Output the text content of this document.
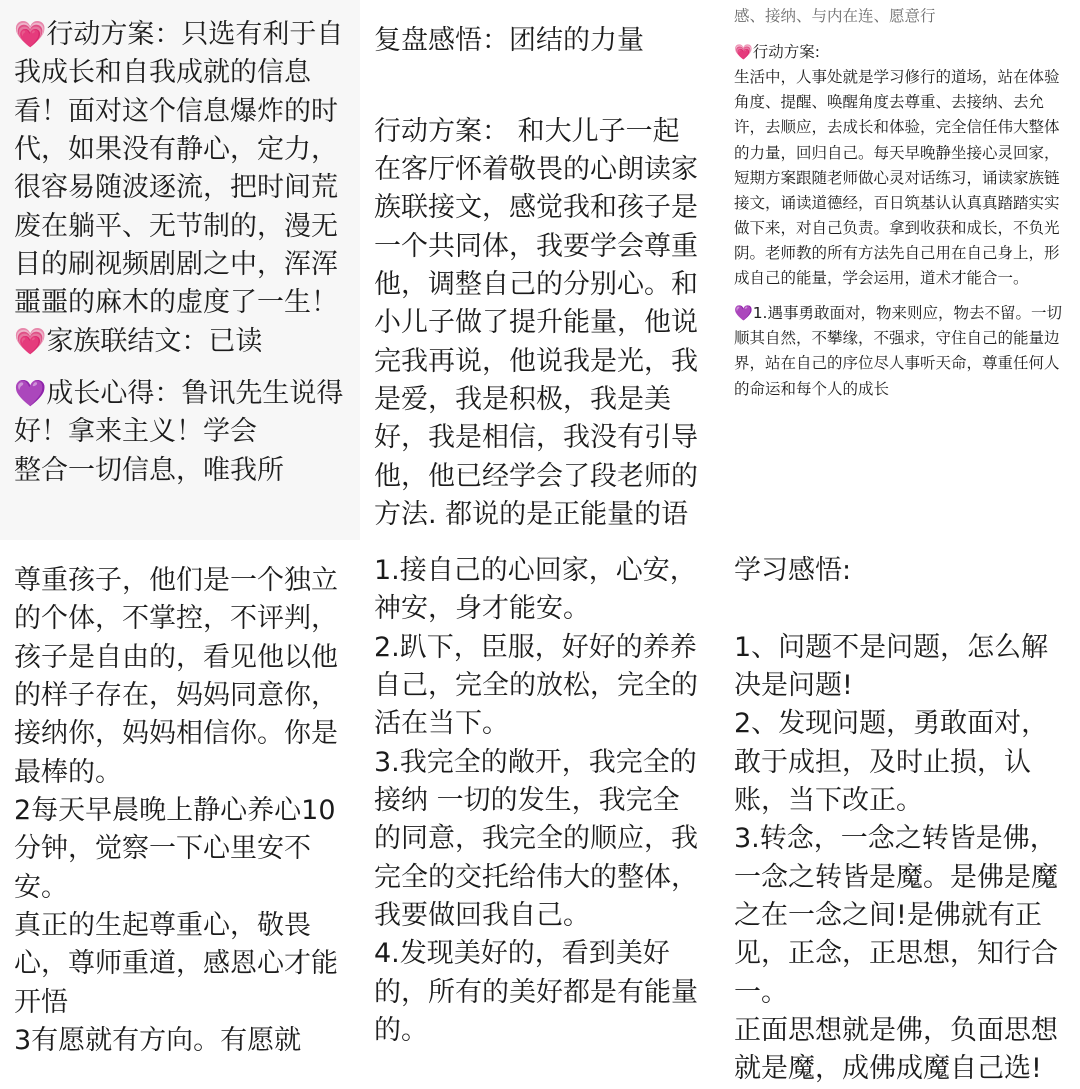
💗行动方案：只选有利于自我成长和自我成就的信息看！面对这个信息爆炸的时代，如果没有静心，定力，很容易随波逐流，把时间荒废在躺平、无节制的，漫无目的刷视频剧剧之中，浑浑噩噩的麻木的虚度了一生！
💗家族联结文：已读

💜成长心得：鲁讯先生说得好！拿来主义！学会

整合一切信息，唯我所
复盘感悟：团结的力量

行动方案： 和大儿子一起在客厅怀着敬畏的心朗读家族联接文，感觉我和孩子是一个共同体，我要学会尊重他，调整自己的分别心。和小儿子做了提升能量，他说完我再说，他说我是光，我是爱，我是积极，我是美好，我是相信，我没有引导他，他已经学会了段老师的方法. 都说的是正能量的语
感、接纳、与内在连、愿意行

💗行动方案:
生活中，人事处就是学习修行的道场，站在体验角度、提醒、唤醒角度去尊重、去接纳、去允许，去顺应，去成长和体验，完全信任伟大整体的力量，回归自己。每天早晚静坐接心灵回家，短期方案跟随老师做心灵对话练习，诵读家族链接文，诵读道德经，百日筑基认认真真踏踏实实做下来，对自己负责。拿到收获和成长，不负光阴。老师教的所有方法先自己用在自己身上，形成自己的能量，学会运用，道术才能合一。

💜1.遇事勇敢面对，物来则应，物去不留。一切顺其自然，不攀缘，不强求，守住自己的能量边界，站在自己的序位尽人事听天命，尊重任何人的命运和每个人的成长

尊重孩子，他们是一个独立的个体，不掌控，不评判，孩子是自由的，看见他以他的样子存在，妈妈同意你，接纳你，妈妈相信你。你是最棒的。
2每天早晨晚上静心养心10分钟，觉察一下心里安不安。
真正的生起尊重心，敬畏心，尊师重道，感恩心才能开悟
3有愿就有方向。有愿就
1.接自己的心回家，心安，神安，身才能安。
2.趴下，臣服，好好的养养自己，完全的放松，完全的活在当下。
3.我完全的敞开，我完全的接纳 一切的发生，我完全的同意，我完全的顺应，我完全的交托给伟大的整体，我要做回我自己。
4.发现美好的，看到美好的，所有的美好都是有能量的。
学习感悟:

1、问题不是问题，怎么解决是问题!
2、发现问题，勇敢面对，敢于成担，及时止损，认账，当下改正。
3.转念，一念之转皆是佛，一念之转皆是魔。是佛是魔之在一念之间!是佛就有正见，正念，正思想，知行合一。
正面思想就是佛，负面思想就是魔，成佛成魔自己选!
